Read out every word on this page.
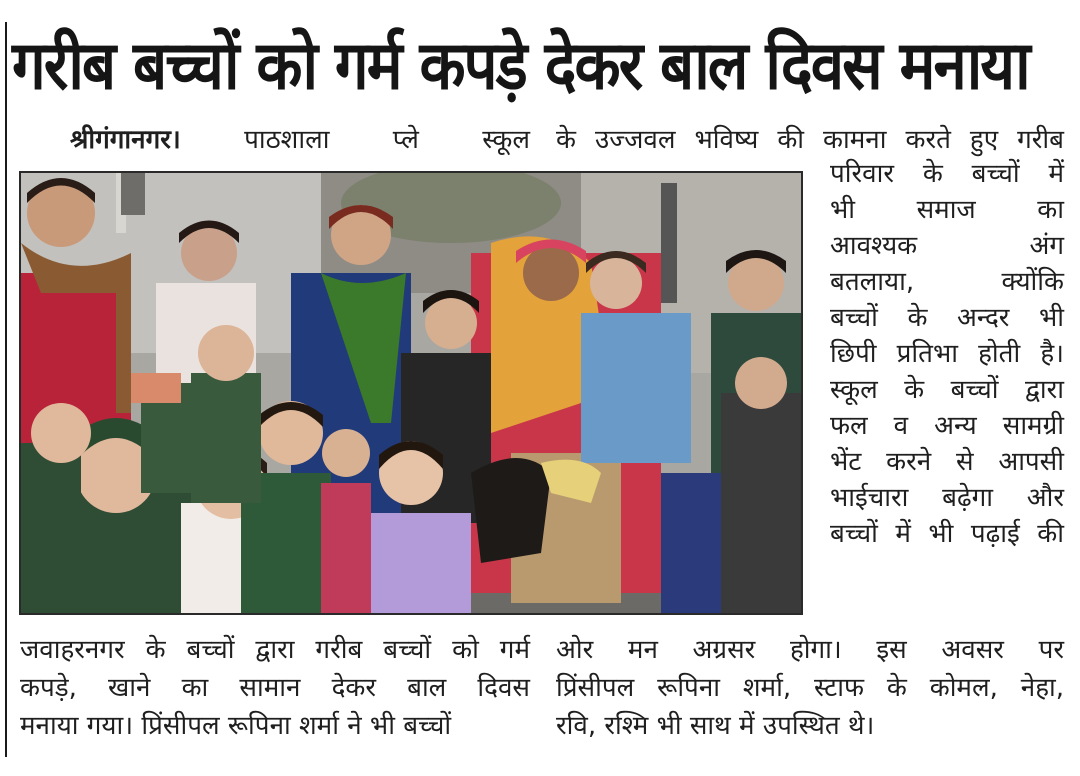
गरीब बच्चों को गर्म कपड़े देकर बाल दिवस मनाया
श्रीगंगानगर। पाठशाला प्ले स्कूल के उज्जवल भविष्य की कामना करते हुए गरीब

परिवार के बच्चों में

भी समाज का

आवश्यक अंग

बतलाया, क्योंकि

बच्चों के अन्दर भी

छिपी प्रतिभा होती है।

स्कूल के बच्चों द्वारा

फल व अन्य सामग्री

भेंट करने से आपसी

भाईचारा बढ़ेगा और

बच्चों में भी पढ़ाई की

जवाहरनगर के बच्चों द्वारा गरीब बच्चों को गर्म

कपड़े, खाने का सामान देकर बाल दिवस

मनाया गया। प्रिंसीपल रूपिना शर्मा ने भी बच्चों

ओर मन अग्रसर होगा। इस अवसर पर

प्रिंसीपल रूपिना शर्मा, स्टाफ के कोमल, नेहा,

रवि, रश्मि भी साथ में उपस्थित थे।
